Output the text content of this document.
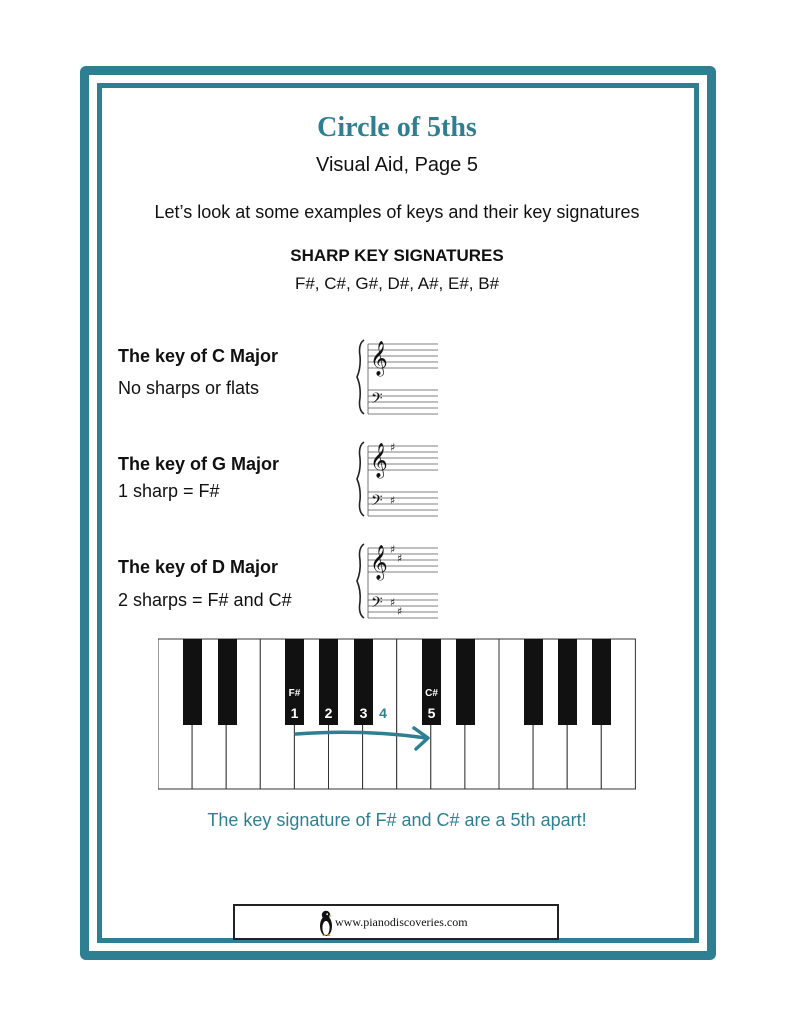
Circle of 5ths
Visual Aid, Page 5
Let’s look at some examples of keys and their key signatures
SHARP KEY SIGNATURES
F#, C#, G#, D#, A#, E#, B#
The key of C Major
No sharps or flats
𝄞
𝄢
The key of G Major
1 sharp = F#
𝄞
𝄢
♯
♯
The key of D Major
2 sharps = F# and C#
𝄞
𝄢
♯
♯
♯
♯
F#	C#
1 2 3 4	5
The key signature of F# and C# are a 5th apart!
www.pianodiscoveries.com
